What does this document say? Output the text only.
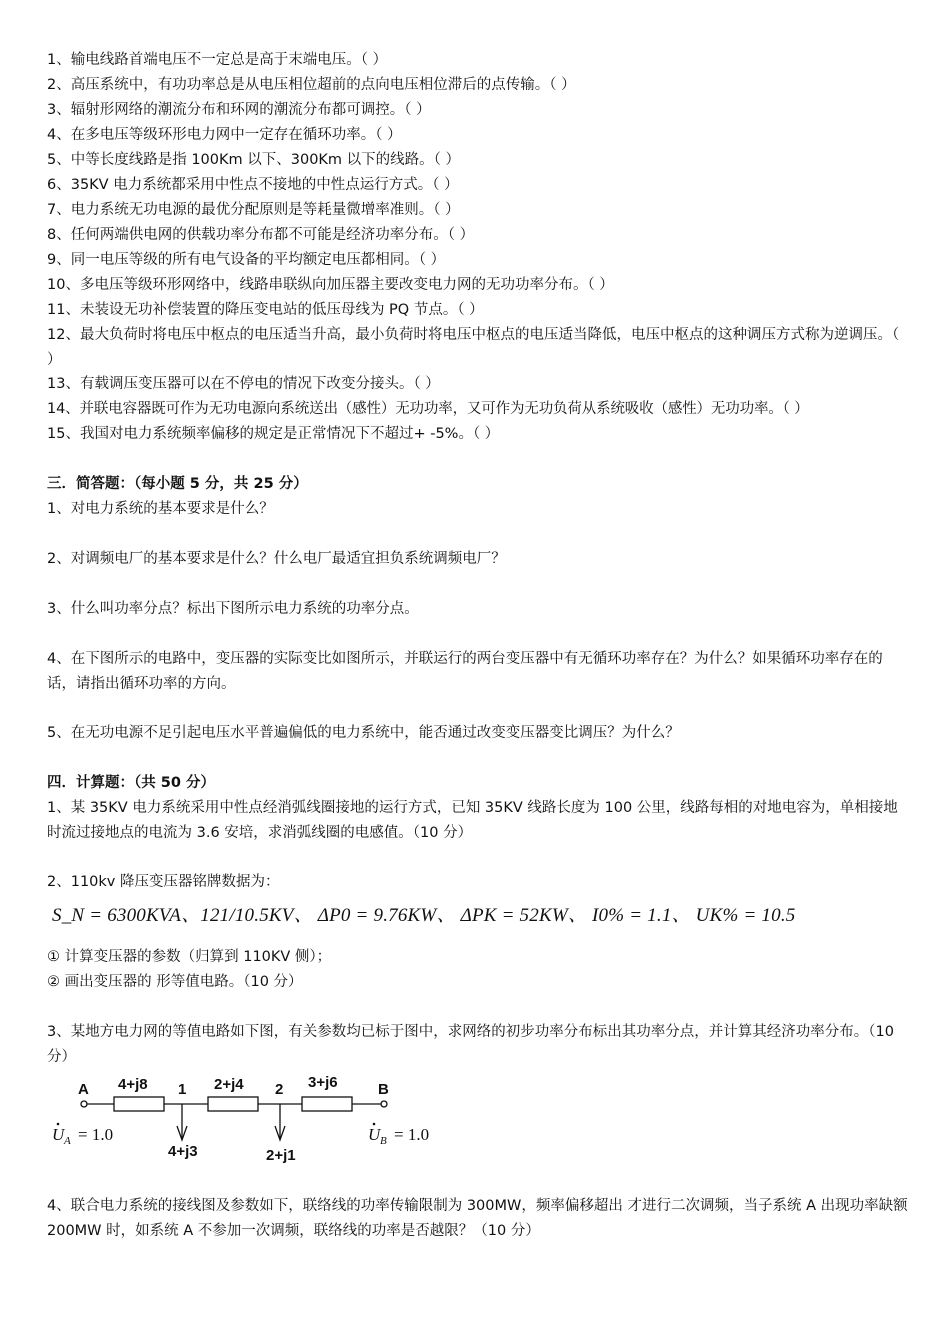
1、输电线路首端电压不一定总是高于末端电压。（ ）
2、高压系统中，有功功率总是从电压相位超前的点向电压相位滞后的点传输。（ ）
3、辐射形网络的潮流分布和环网的潮流分布都可调控。（ ）
4、在多电压等级环形电力网中一定存在循环功率。（ ）
5、中等长度线路是指 100Km 以下、300Km 以下的线路。（ ）
6、35KV 电力系统都采用中性点不接地的中性点运行方式。（ ）
7、电力系统无功电源的最优分配原则是等耗量微增率准则。（ ）
8、任何两端供电网的供载功率分布都不可能是经济功率分布。（ ）
9、同一电压等级的所有电气设备的平均额定电压都相同。（ ）
10、多电压等级环形网络中，线路串联纵向加压器主要改变电力网的无功功率分布。（ ）
11、未装设无功补偿装置的降压变电站的低压母线为 PQ 节点。（ ）
12、最大负荷时将电压中枢点的电压适当升高，最小负荷时将电压中枢点的电压适当降低，电压中枢点的这种调压方式称为逆调压。（ ）
13、有载调压变压器可以在不停电的情况下改变分接头。（ ）
14、并联电容器既可作为无功电源向系统送出（感性）无功功率，又可作为无功负荷从系统吸收（感性）无功功率。（ ）
15、我国对电力系统频率偏移的规定是正常情况下不超过+ -5%。（ ）
三．简答题：（每小题 5 分，共 25 分）
1、对电力系统的基本要求是什么？
2、对调频电厂的基本要求是什么？什么电厂最适宜担负系统调频电厂？
3、什么叫功率分点？标出下图所示电力系统的功率分点。
4、在下图所示的电路中，变压器的实际变比如图所示，并联运行的两台变压器中有无循环功率存在？为什么？如果循环功率存在的话，请指出循环功率的方向。
5、在无功电源不足引起电压水平普遍偏低的电力系统中，能否通过改变变压器变比调压？为什么？
四．计算题：（共 50 分）
1、某 35KV 电力系统采用中性点经消弧线圈接地的运行方式，已知 35KV 线路长度为 100 公里，线路每相的对地电容为，单相接地时流过接地点的电流为 3.6 安培，求消弧线圈的电感值。（10 分）
2、110kv 降压变压器铭牌数据为：
S_N = 6300KVA、121/10.5KV、 ΔP0 = 9.76KW、 ΔPK = 52KW、 I0% = 1.1、 UK% = 10.5
① 计算变压器的参数（归算到 110KV 侧）；
② 画出变压器的 形等值电路。（10 分）
3、某地方电力网的等值电路如下图，有关参数均已标于图中，求网络的初步功率分布标出其功率分点，并计算其经济功率分布。（10 分）
A 4+j8 1 2+j4 2 3+j6	B
4+j3	2+j1
U A = 1.0	U B = 1.0
4、联合电力系统的接线图及参数如下，联络线的功率传输限制为 300MW，频率偏移超出 才进行二次调频，当子系统 A 出现功率缺额 200MW 时，如系统 A 不参加一次调频，联络线的功率是否越限？（10 分）
